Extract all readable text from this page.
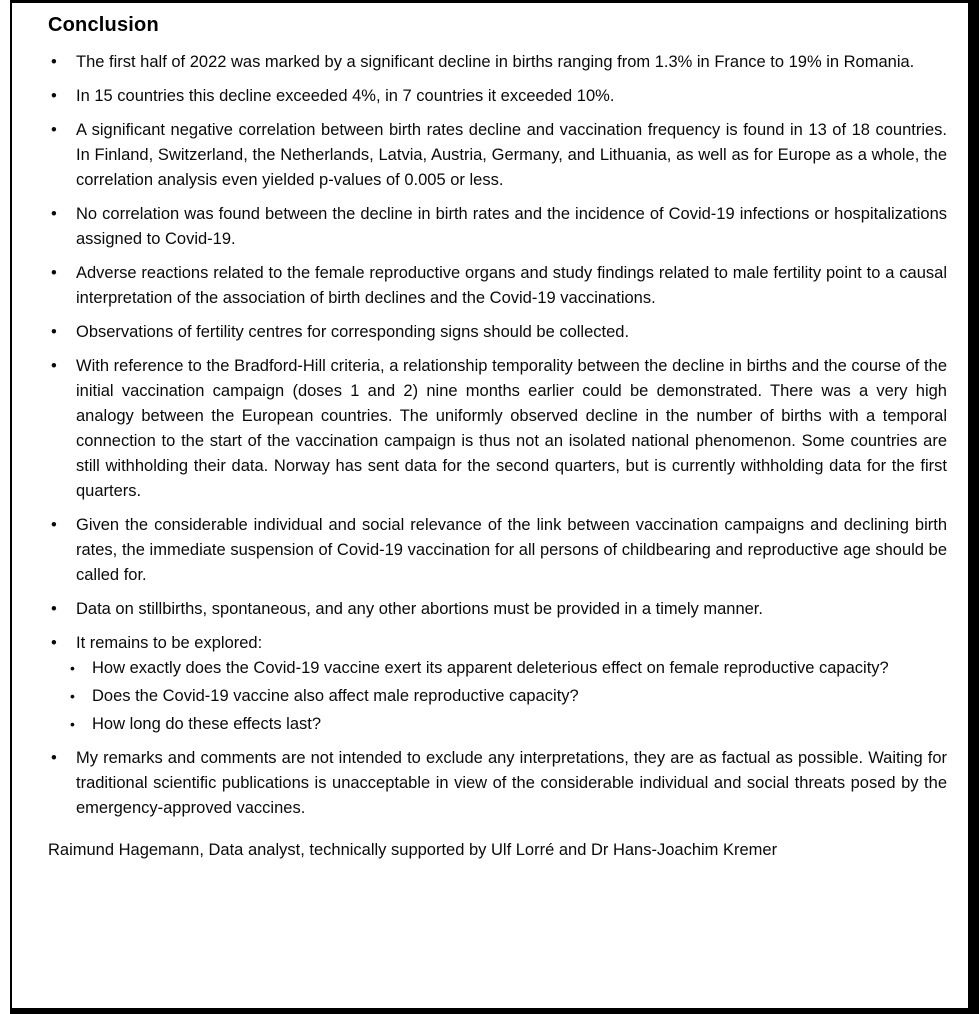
Conclusion
• The first half of 2022 was marked by a significant decline in births ranging from 1.3% in France to 19% in Romania.
• In 15 countries this decline exceeded 4%, in 7 countries it exceeded 10%.
• A significant negative correlation between birth rates decline and vaccination frequency is found in 13 of 18 countries. In Finland, Switzerland, the Netherlands, Latvia, Austria, Germany, and Lithuania, as well as for Europe as a whole, the correlation analysis even yielded p-values of 0.005 or less.
• No correlation was found between the decline in birth rates and the incidence of Covid-19 infections or hospitalizations assigned to Covid-19.
• Adverse reactions related to the female reproductive organs and study findings related to male fertility point to a causal interpretation of the association of birth declines and the Covid-19 vaccinations.
• Observations of fertility centres for corresponding signs should be collected.
• With reference to the Bradford-Hill criteria, a relationship temporality between the decline in births and the course of the initial vaccination campaign (doses 1 and 2) nine months earlier could be demonstrated. There was a very high analogy between the European countries. The uniformly observed decline in the number of births with a temporal connection to the start of the vaccination campaign is thus not an isolated national phenomenon. Some countries are still withholding their data. Norway has sent data for the second quarters, but is currently withholding data for the first quarters.
• Given the considerable individual and social relevance of the link between vaccination campaigns and declining birth rates, the immediate suspension of Covid-19 vaccination for all persons of childbearing and reproductive age should be called for.
• Data on stillbirths, spontaneous, and any other abortions must be provided in a timely manner.
• It remains to be explored:
• How exactly does the Covid-19 vaccine exert its apparent deleterious effect on female reproductive capacity?
• Does the Covid-19 vaccine also affect male reproductive capacity?
• How long do these effects last?
• My remarks and comments are not intended to exclude any interpretations, they are as factual as possible. Waiting for traditional scientific publications is unacceptable in view of the considerable individual and social threats posed by the emergency-approved vaccines.

Raimund Hagemann, Data analyst, technically supported by Ulf Lorré and Dr Hans-Joachim Kremer
